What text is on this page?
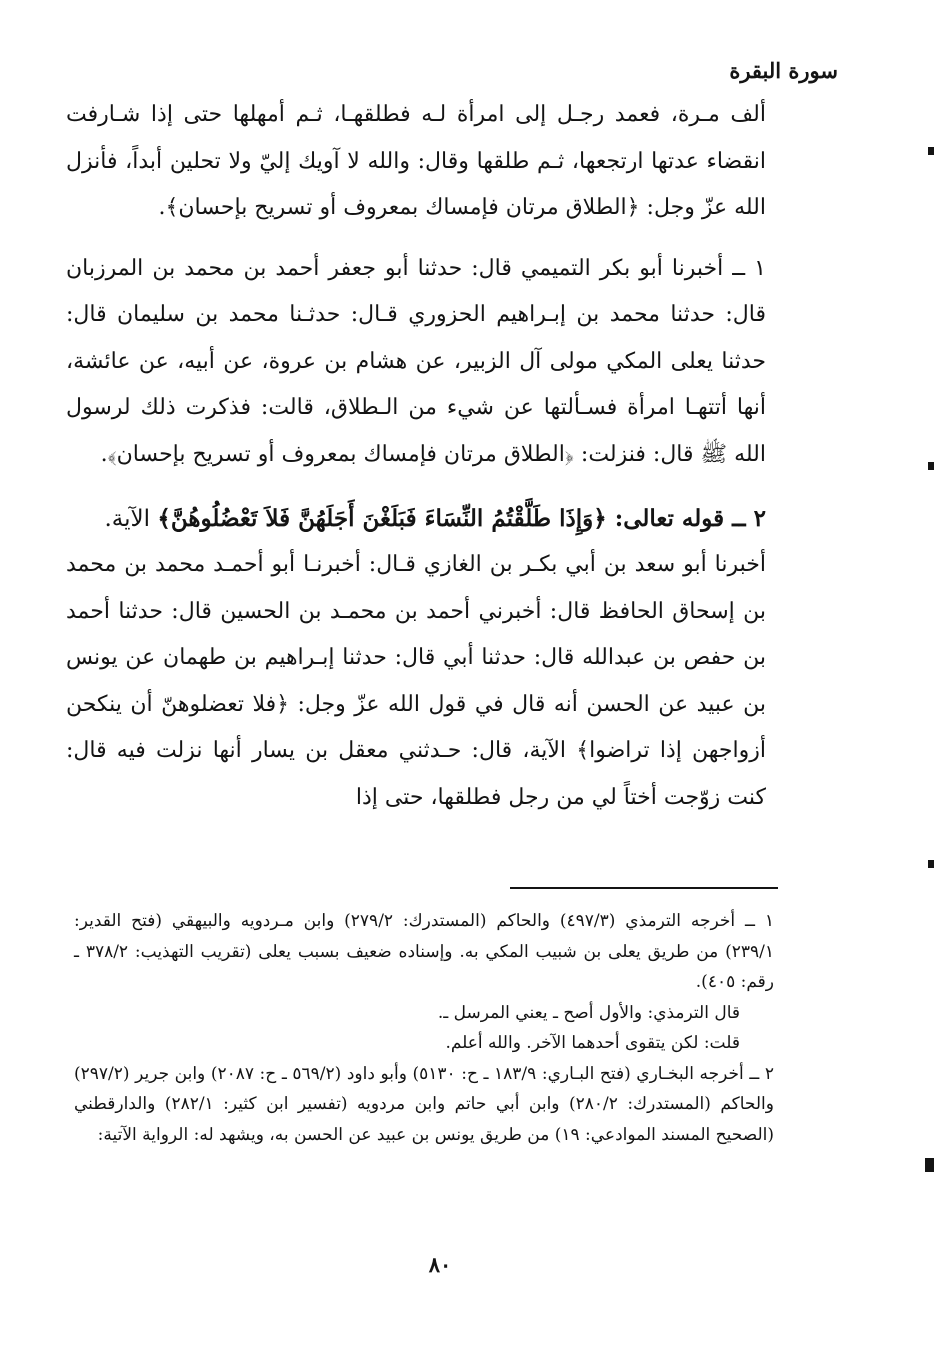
سورة البقرة

ألف مـرة، فعمد رجـل إلى امرأة لـه فطلقهـا، ثـم أمهلها حتى إذا شـارفت انقضاء عدتها ارتجعها، ثـم طلقها وقال: والله لا آويك إليّ ولا تحلين أبداً، فأنزل الله عزّ وجل: ﴿الطلاق مرتان فإمساك بمعروف أو تسريح بإحسان﴾.

١ ــ أخبرنا أبو بكر التميمي قال: حدثنا أبو جعفر أحمد بن محمد بن المرزبان قال: حدثنا محمد بن إبـراهيم الحزوري قـال: حدثـنا محمد بن سليمان قال: حدثنا يعلى المكي مولى آل الزبير، عن هشام بن عروة، عن أبيه، عن عائشة، أنها أتتهـا امرأة فسـألتها عن شيء من الـطلاق، قالت: فذكرت ذلك لرسول الله ﷺ قال: فنزلت: ﴿الطلاق مرتان فإمساك بمعروف أو تسريح بإحسان﴾.

٢ ــ قوله تعالى: ﴿وَإِذَا طَلَّقْتُمُ النِّسَاءَ فَبَلَغْنَ أَجَلَهُنَّ فَلاَ تَعْضُلُوهُنَّ﴾ الآية.

أخبرنا أبو سعد بن أبي بكـر بن الغازي قـال: أخبرنـا أبو أحمـد محمد بن محمد بن إسحاق الحافظ قال: أخبرني أحمد بن محمـد بن الحسين قال: حدثنا أحمد بن حفص بن عبدالله قال: حدثنا أبي قال: حدثنا إبـراهيم بن طهمان عن يونس بن عبيد عن الحسن أنه قال في قول الله عزّ وجل: ﴿فلا تعضلوهنّ أن ينكحن أزواجهن إذا تراضوا﴾ الآية، قال: حـدثني معقل بن يسار أنها نزلت فيه قال: كنت زوّجت أختاً لي من رجل فطلقها، حتى إذا

١ ــ أخرجه الترمذي (٤٩٧/٣) والحاكم (المستدرك: ٢٧٩/٢) وابن مـردويه والبيهقي (فتح القدير: ٢٣٩/١) من طريق يعلى بن شبيب المكي به. وإسناده ضعيف بسبب يعلى (تقريب التهذيب: ٣٧٨/٢ ـ رقم: ٤٠٥).

قال الترمذي: والأول أصح ـ يعني المرسل ـ.

قلت: لكن يتقوى أحدهما الآخر. والله أعلم.

٢ ــ أخرجه البخـاري (فتح البـاري: ١٨٣/٩ ـ ح: ٥١٣٠) وأبو داود (٥٦٩/٢ ـ ح: ٢٠٨٧) وابن جرير (٢٩٧/٢) والحاكم (المستدرك: ٢٨٠/٢) وابن أبي حاتم وابن مردويه (تفسير ابن كثير: ٢٨٢/١) والدارقطني (الصحيح المسند الموادعي: ١٩) من طريق يونس بن عبيد عن الحسن به، ويشهد له: الرواية الآتية:

٨٠
